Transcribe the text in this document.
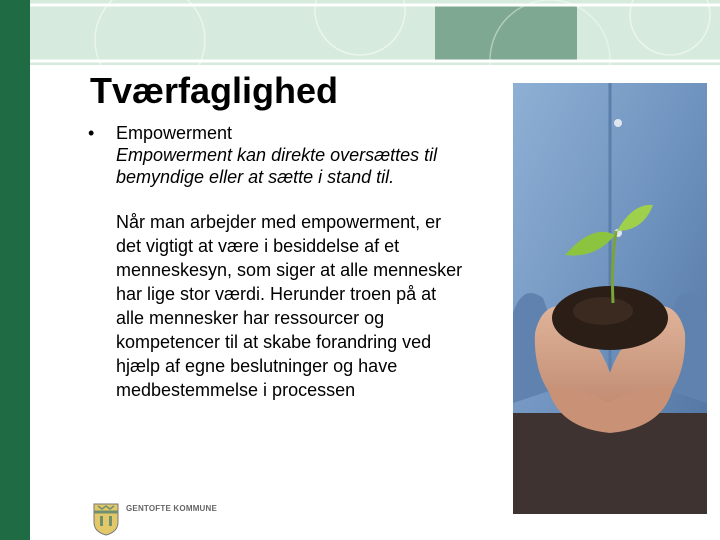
Tværfaglighed
•	Empowerment
Empowerment kan direkte oversættes til bemyndige eller at sætte i stand til.
Når man arbejder med empowerment, er det vigtigt at være i besiddelse af et menneskesyn, som siger at alle mennesker har lige stor værdi. Herunder troen på at alle mennesker har ressourcer og kompetencer til at skabe forandring ved hjælp af egne beslutninger og have medbestemmelse i processen
GENTOFTE KOMMUNE
